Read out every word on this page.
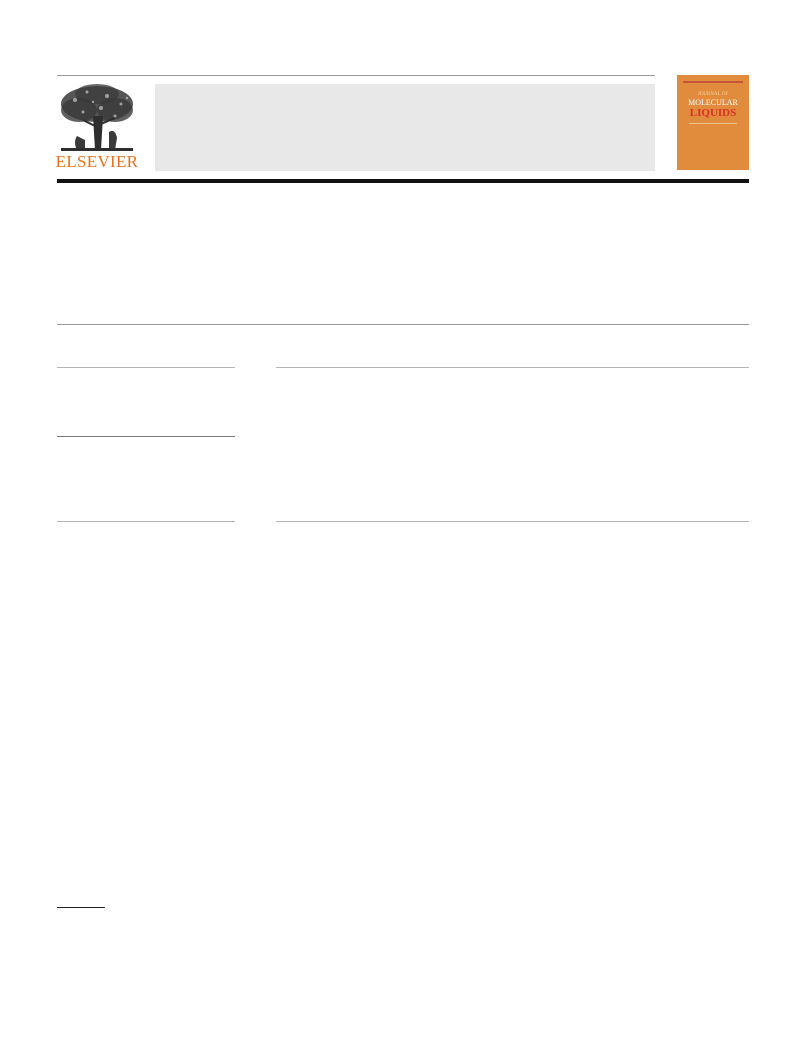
ELSEVIER
JOURNAL OF
MOLECULAR
LIQUIDS
